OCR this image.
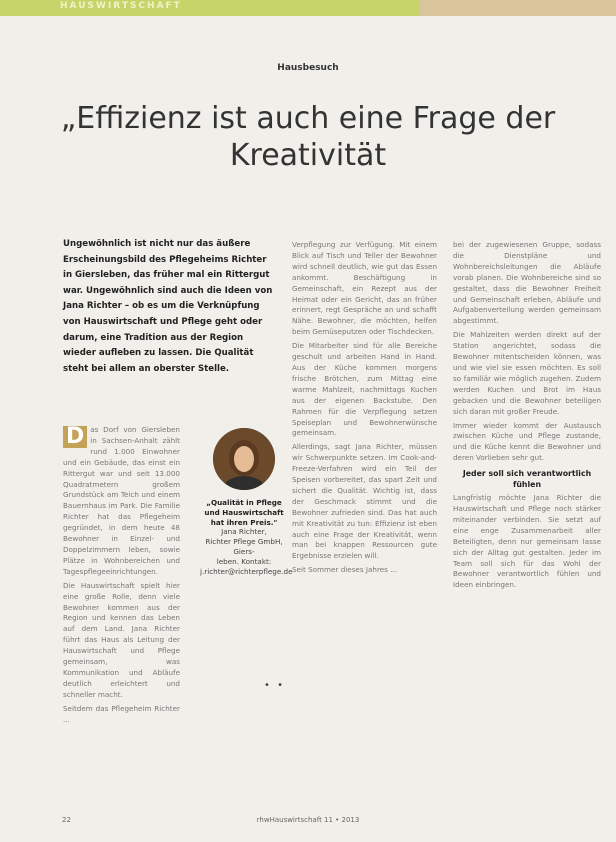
HAUSWIRTSCHAFT
Hausbesuch
„Effizienz ist auch eine Frage der Kreativität
Ungewöhnlich ist nicht nur das äußere Erscheinungsbild des Pflegeheims Richter in Giersleben, das früher mal ein Rittergut war. Ungewöhnlich sind auch die Ideen von Jana Richter – ob es um die Verknüpfung von Hauswirtschaft und Pflege geht oder darum, eine Tradition aus der Region wieder aufleben zu lassen. Die Qualität steht bei allem an oberster Stelle.

D as Dorf von Giersleben in Sachsen-Anhalt zählt rund 1.000 Einwohner und ein Gebäude, das einst ein Rittergut war und seit 13.000 Quadratmetern großem Grundstück am Teich und einem Bauernhaus im Park. Die Familie Richter hat das Pflegeheim gegründet, in dem heute 48 Bewohner in Einzel- und Doppelzimmern leben, sowie Plätze in Wohnbereichen und Tagespflegeeinrichtungen.

Die Hauswirtschaft spielt hier eine große Rolle, denn viele Bewohner kommen aus der Region und kennen das Leben auf dem Land. Jana Richter führt das Haus als Leitung der Hauswirtschaft und Pflege gemeinsam, was Kommunikation und Abläufe deutlich erleichtert und schneller macht.

Seitdem das Pflegeheim Richter ...

„Qualität in Pflege und Hauswirtschaft hat ihren Preis."
Jana Richter,
Richter Pflege GmbH, Giers-
leben. Kontakt:
j.richter@richterpflege.de
• •

Verpflegung zur Verfügung. Mit einem Blick auf Tisch und Teller der Bewohner wird schnell deutlich, wie gut das Essen ankommt. Beschäftigung in Gemeinschaft, ein Rezept aus der Heimat oder ein Gericht, das an früher erinnert, regt Gespräche an und schafft Nähe. Bewohner, die möchten, helfen beim Gemüseputzen oder Tischdecken.

Die Mitarbeiter sind für alle Bereiche geschult und arbeiten Hand in Hand. Aus der Küche kommen morgens frische Brötchen, zum Mittag eine warme Mahlzeit, nachmittags Kuchen aus der eigenen Backstube. Den Rahmen für die Verpflegung setzen Speiseplan und Bewohnerwünsche gemeinsam.

Allerdings, sagt Jana Richter, müssen wir Schwerpunkte setzen. Im Cook-and-Freeze-Verfahren wird ein Teil der Speisen vorbereitet, das spart Zeit und sichert die Qualität. Wichtig ist, dass der Geschmack stimmt und die Bewohner zufrieden sind. Das hat auch mit Kreativität zu tun: Effizienz ist eben auch eine Frage der Kreativität, wenn man bei knappen Ressourcen gute Ergebnisse erzielen will.

Seit Sommer dieses Jahres ...

bei der zugewiesenen Gruppe, sodass die Dienstpläne und Wohnbereichsleitungen die Abläufe vorab planen. Die Wohnbereiche sind so gestaltet, dass die Bewohner Freiheit und Gemeinschaft erleben, Abläufe und Aufgabenverteilung werden gemeinsam abgestimmt.

Die Mahlzeiten werden direkt auf der Station angerichtet, sodass die Bewohner mitentscheiden können, was und wie viel sie essen möchten. Es soll so familiär wie möglich zugehen. Zudem werden Kuchen und Brot im Haus gebacken und die Bewohner beteiligen sich daran mit großer Freude.

Immer wieder kommt der Austausch zwischen Küche und Pflege zustande, und die Küche kennt die Bewohner und deren Vorlieben sehr gut.

Jeder soll sich verantwortlich fühlen

Langfristig möchte Jana Richter die Hauswirtschaft und Pflege noch stärker miteinander verbinden. Sie setzt auf eine enge Zusammenarbeit aller Beteiligten, denn nur gemeinsam lasse sich der Alltag gut gestalten. Jeder im Team soll sich für das Wohl der Bewohner verantwortlich fühlen und Ideen einbringen.

22	rhwHauswirtschaft 11 • 2013
